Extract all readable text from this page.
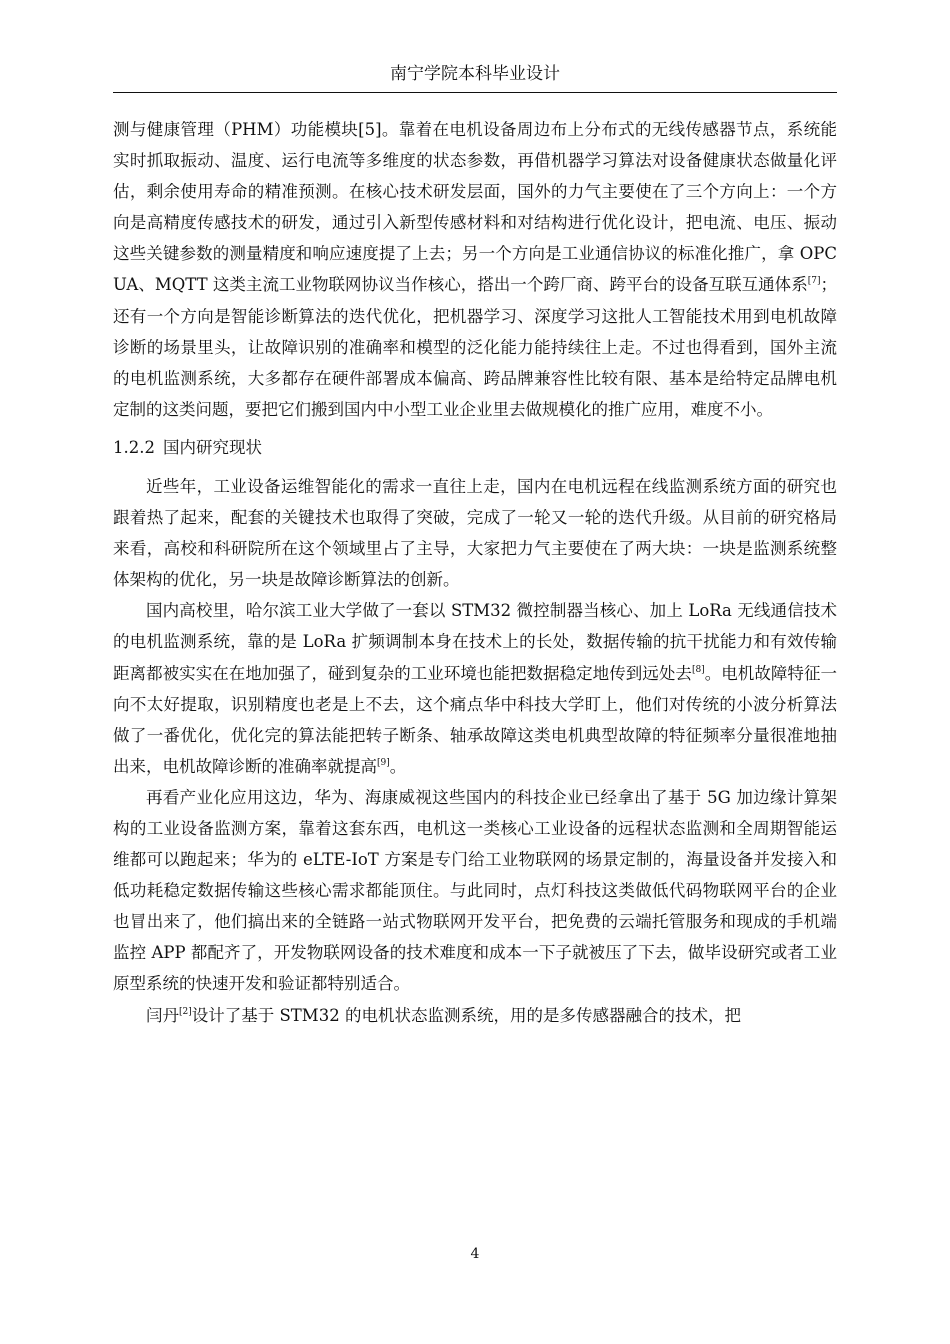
南宁学院本科毕业设计

测与健康管理（PHM）功能模块[5]。靠着在电机设备周边布上分布式的无线传感器节点，系统能实时抓取振动、温度、运行电流等多维度的状态参数，再借机器学习算法对设备健康状态做量化评估，剩余使用寿命的精准预测。在核心技术研发层面，国外的力气主要使在了三个方向上：一个方向是高精度传感技术的研发，通过引入新型传感材料和对结构进行优化设计，把电流、电压、振动这些关键参数的测量精度和响应速度提了上去；另一个方向是工业通信协议的标准化推广，拿 OPC UA、MQTT 这类主流工业物联网协议当作核心，搭出一个跨厂商、跨平台的设备互联互通体系[7]；还有一个方向是智能诊断算法的迭代优化，把机器学习、深度学习这批人工智能技术用到电机故障诊断的场景里头，让故障识别的准确率和模型的泛化能力能持续往上走。不过也得看到，国外主流的电机监测系统，大多都存在硬件部署成本偏高、跨品牌兼容性比较有限、基本是给特定品牌电机定制的这类问题，要把它们搬到国内中小型工业企业里去做规模化的推广应用，难度不小。

1.2.2 国内研究现状

近些年，工业设备运维智能化的需求一直往上走，国内在电机远程在线监测系统方面的研究也跟着热了起来，配套的关键技术也取得了突破，完成了一轮又一轮的迭代升级。从目前的研究格局来看，高校和科研院所在这个领域里占了主导，大家把力气主要使在了两大块：一块是监测系统整体架构的优化，另一块是故障诊断算法的创新。

国内高校里，哈尔滨工业大学做了一套以 STM32 微控制器当核心、加上 LoRa 无线通信技术的电机监测系统，靠的是 LoRa 扩频调制本身在技术上的长处，数据传输的抗干扰能力和有效传输距离都被实实在在地加强了，碰到复杂的工业环境也能把数据稳定地传到远处去[8]。电机故障特征一向不太好提取，识别精度也老是上不去，这个痛点华中科技大学盯上，他们对传统的小波分析算法做了一番优化，优化完的算法能把转子断条、轴承故障这类电机典型故障的特征频率分量很准地抽出来，电机故障诊断的准确率就提高[9]。

再看产业化应用这边，华为、海康威视这些国内的科技企业已经拿出了基于 5G 加边缘计算架构的工业设备监测方案，靠着这套东西，电机这一类核心工业设备的远程状态监测和全周期智能运维都可以跑起来；华为的 eLTE-IoT 方案是专门给工业物联网的场景定制的，海量设备并发接入和低功耗稳定数据传输这些核心需求都能顶住。与此同时，点灯科技这类做低代码物联网平台的企业也冒出来了，他们搞出来的全链路一站式物联网开发平台，把免费的云端托管服务和现成的手机端监控 APP 都配齐了，开发物联网设备的技术难度和成本一下子就被压了下去，做毕设研究或者工业原型系统的快速开发和验证都特别适合。

闫丹[2]设计了基于 STM32 的电机状态监测系统，用的是多传感器融合的技术，把

4
